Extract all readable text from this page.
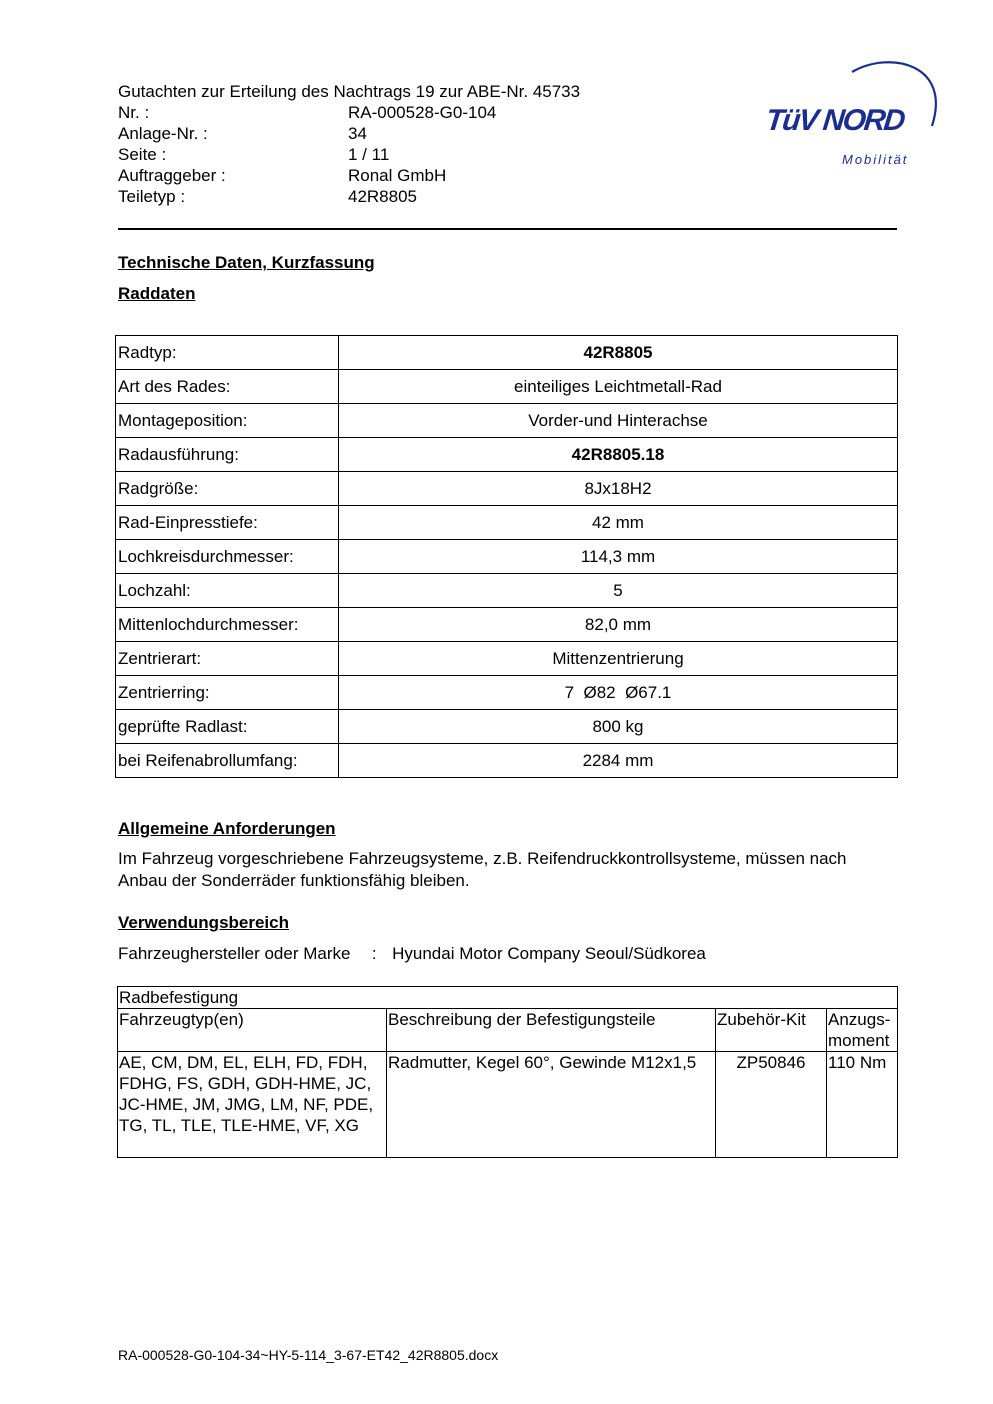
Gutachten zur Erteilung des Nachtrags 19 zur ABE-Nr. 45733
Nr. :	RA-000528-G0-104
Anlage-Nr. :	34
Seite :	1 / 11
Auftraggeber :	Ronal GmbH
Teiletyp :	42R8805
TüV NORD
Mobilität
Technische Daten, Kurzfassung
Raddaten
Radtyp:	42R8805
Art des Rades:	einteiliges Leichtmetall-Rad
Montageposition:	Vorder-und Hinterachse
Radausführung:	42R8805.18
Radgröße:	8Jx18H2
Rad-Einpresstiefe:	42 mm
Lochkreisdurchmesser:	114,3 mm
Lochzahl:	5
Mittenlochdurchmesser:	82,0 mm
Zentrierart:	Mittenzentrierung
Zentrierring:	7  Ø82  Ø67.1
geprüfte Radlast:	800 kg
bei Reifenabrollumfang:	2284 mm
Allgemeine Anforderungen
Im Fahrzeug vorgeschriebene Fahrzeugsysteme, z.B. Reifendruckkontrollsysteme, müssen nach Anbau der Sonderräder funktionsfähig bleiben.
Verwendungsbereich
Fahrzeughersteller oder Marke : Hyundai Motor Company Seoul/Südkorea
Radbefestigung			
Fahrzeugtyp(en)	Beschreibung der Befestigungsteile	Zubehör-Kit	Anzugs-
moment
AE, CM, DM, EL, ELH, FD, FDH, FDHG, FS, GDH, GDH-HME, JC, JC-HME, JM, JMG, LM, NF, PDE, TG, TL, TLE, TLE-HME, VF, XG	Radmutter, Kegel 60°, Gewinde M12x1,5	ZP50846	110 Nm
RA-000528-G0-104-34~HY-5-114_3-67-ET42_42R8805.docx
